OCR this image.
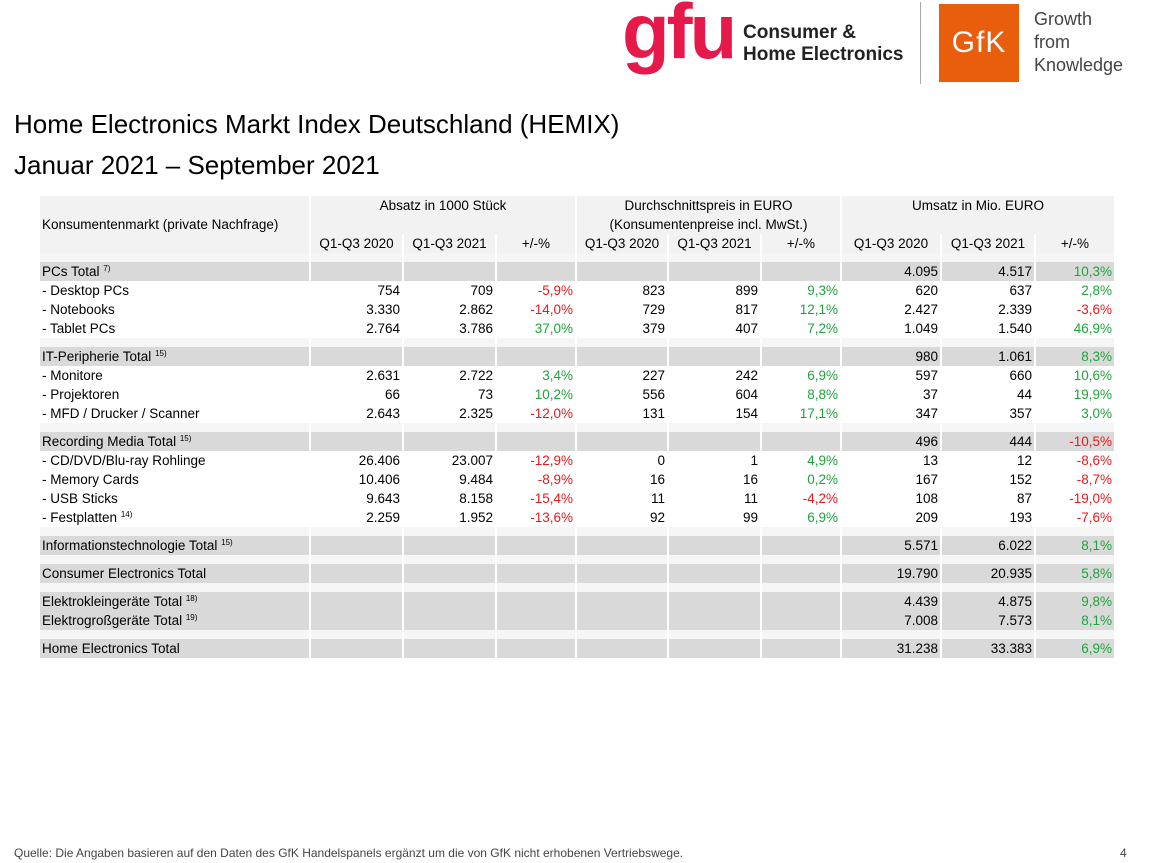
gfu Consumer &
Home Electronics	GfK
Growth
from
Knowledge
Home Electronics Markt Index Deutschland (HEMIX)
Januar 2021 – September 2021
	Absatz in 1000 Stück			Durchschnittspreis in EURO			Umsatz in Mio. EURO		
Konsumentenmarkt (private Nachfrage)				(Konsumentenpreise incl. MwSt.)					
	Q1-Q3 2020	Q1-Q3 2021	+/-%	Q1-Q3 2020	Q1-Q3 2021	+/-%	Q1-Q3 2020	Q1-Q3 2021	+/-%

PCs Total $^{7)}$							4.095	4.517	10,3%
- Desktop PCs	754	709	-5,9%	823	899	9,3%	620	637	2,8%
- Notebooks	3.330	2.862	-14,0%	729	817	12,1%	2.427	2.339	-3,6%
- Tablet PCs	2.764	3.786	37,0%	379	407	7,2%	1.049	1.540	46,9%

IT-Peripherie Total $^{15)}$							980	1.061	8,3%
- Monitore	2.631	2.722	3,4%	227	242	6,9%	597	660	10,6%
- Projektoren	66	73	10,2%	556	604	8,8%	37	44	19,9%
- MFD / Drucker / Scanner	2.643	2.325	-12,0%	131	154	17,1%	347	357	3,0%

Recording Media Total $^{15)}$							496	444	-10,5%
- CD/DVD/Blu-ray Rohlinge	26.406	23.007	-12,9%	0	1	4,9%	13	12	-8,6%
- Memory Cards	10.406	9.484	-8,9%	16	16	0,2%	167	152	-8,7%
- USB Sticks	9.643	8.158	-15,4%	11	11	-4,2%	108	87	-19,0%
- Festplatten $^{14)}$	2.259	1.952	-13,6%	92	99	6,9%	209	193	-7,6%

Informationstechnologie Total $^{15)}$							5.571	6.022	8,1%

Consumer Electronics Total							19.790	20.935	5,8%

Elektrokleingeräte Total $^{18)}$							4.439	4.875	9,8%
Elektrogroßgeräte Total $^{19)}$							7.008	7.573	8,1%

Home Electronics Total							31.238	33.383	6,9%
Quelle: Die Angaben basieren auf den Daten des GfK Handelspanels ergänzt um die von GfK nicht erhobenen Vertriebswege.	4
